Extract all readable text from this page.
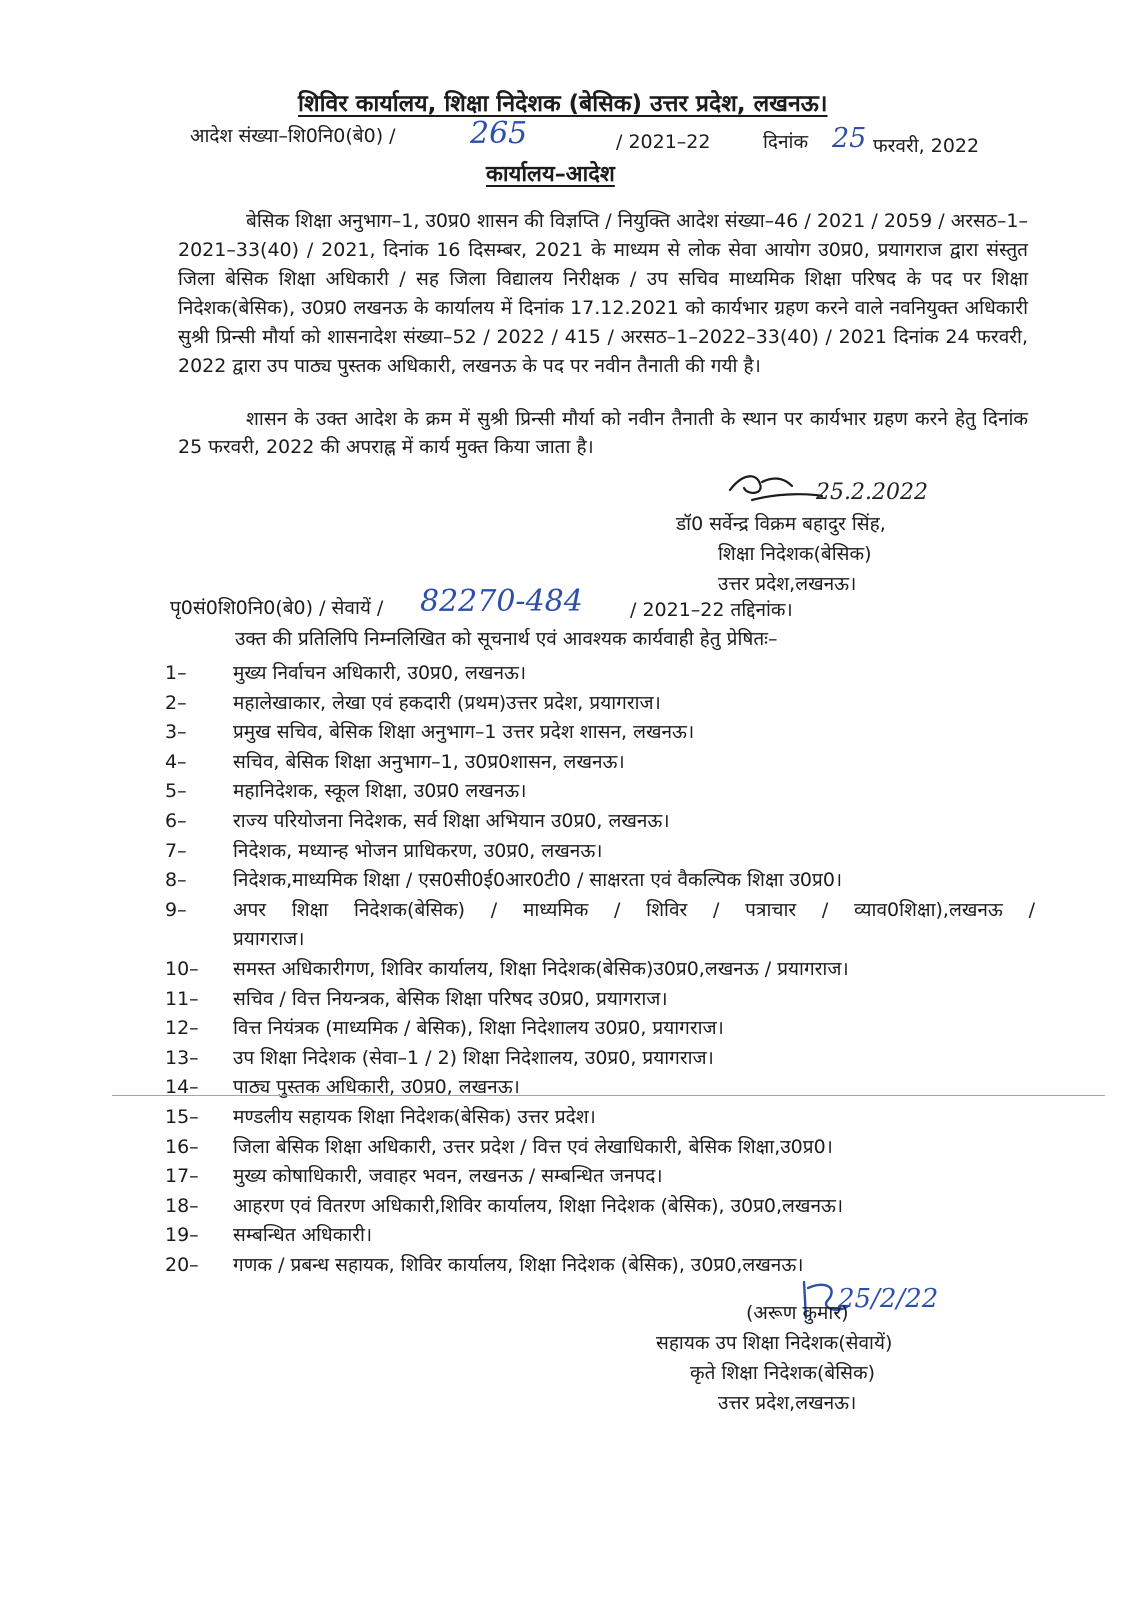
शिविर कार्यालय, शिक्षा निदेशक (बेसिक) उत्तर प्रदेश, लखनऊ।
आदेश संख्या–शि0नि0(बे0) / 265	/ 2021–22	दिनांक 25 फरवरी, 2022
कार्यालय–आदेश
बेसिक शिक्षा अनुभाग–1, उ0प्र0 शासन की विज्ञप्ति / नियुक्ति आदेश संख्या–46 / 2021 / 2059 / अरसठ–1–2021–33(40) / 2021, दिनांक 16 दिसम्बर, 2021 के माध्यम से लोक सेवा आयोग उ0प्र0, प्रयागराज द्वारा संस्तुत जिला बेसिक शिक्षा अधिकारी / सह जिला विद्यालय निरीक्षक / उप सचिव माध्यमिक शिक्षा परिषद के पद पर शिक्षा निदेशक(बेसिक), उ0प्र0 लखनऊ के कार्यालय में दिनांक 17.12.2021 को कार्यभार ग्रहण करने वाले नवनियुक्त अधिकारी सुश्री प्रिन्सी मौर्या को शासनादेश संख्या–52 / 2022 / 415 / अरसठ–1–2022–33(40) / 2021 दिनांक 24 फरवरी, 2022 द्वारा उप पाठ्य पुस्तक अधिकारी, लखनऊ के पद पर नवीन तैनाती की गयी है।
शासन के उक्त आदेश के क्रम में सुश्री प्रिन्सी मौर्या को नवीन तैनाती के स्थान पर कार्यभार ग्रहण करने हेतु दिनांक 25 फरवरी, 2022 की अपराह्न में कार्य मुक्त किया जाता है।
25.2.2022
डॉ0 सर्वेन्द्र विक्रम बहादुर सिंह,
शिक्षा निदेशक(बेसिक)
उत्तर प्रदेश,लखनऊ।
पृ0सं0शि0नि0(बे0) / सेवायें / 82270-484 / 2021–22 तद्दिनांक।
उक्त की प्रतिलिपि निम्नलिखित को सूचनार्थ एवं आवश्यक कार्यवाही हेतु प्रेषितः–
1–	मुख्य निर्वाचन अधिकारी, उ0प्र0, लखनऊ।
2–	महालेखाकार, लेखा एवं हकदारी (प्रथम)उत्तर प्रदेश, प्रयागराज।
3–	प्रमुख सचिव, बेसिक शिक्षा अनुभाग–1 उत्तर प्रदेश शासन, लखनऊ।
4–	सचिव, बेसिक शिक्षा अनुभाग–1, उ0प्र0शासन, लखनऊ।
5–	महानिदेशक, स्कूल शिक्षा, उ0प्र0 लखनऊ।
6–	राज्य परियोजना निदेशक, सर्व शिक्षा अभियान उ0प्र0, लखनऊ।
7–	निदेशक, मध्यान्ह भोजन प्राधिकरण, उ0प्र0, लखनऊ।
8–	निदेशक,माध्यमिक शिक्षा / एस0सी0ई0आर0टी0 / साक्षरता एवं वैकल्पिक शिक्षा उ0प्र0।
9–	अपर शिक्षा निदेशक(बेसिक) / माध्यमिक / शिविर / पत्राचार / व्याव0शिक्षा),लखनऊ /
प्रयागराज।
10–	समस्त अधिकारीगण, शिविर कार्यालय, शिक्षा निदेशक(बेसिक)उ0प्र0,लखनऊ / प्रयागराज।
11–	सचिव / वित्त नियन्त्रक, बेसिक शिक्षा परिषद उ0प्र0, प्रयागराज।
12–	वित्त नियंत्रक (माध्यमिक / बेसिक), शिक्षा निदेशालय उ0प्र0, प्रयागराज।
13–	उप शिक्षा निदेशक (सेवा–1 / 2) शिक्षा निदेशालय, उ0प्र0, प्रयागराज।
14–	पाठ्य पुस्तक अधिकारी, उ0प्र0, लखनऊ।
15–	मण्डलीय सहायक शिक्षा निदेशक(बेसिक) उत्तर प्रदेश।
16–	जिला बेसिक शिक्षा अधिकारी, उत्तर प्रदेश / वित्त एवं लेखाधिकारी, बेसिक शिक्षा,उ0प्र0।
17–	मुख्य कोषाधिकारी, जवाहर भवन, लखनऊ / सम्बन्धित जनपद।
18–	आहरण एवं वितरण अधिकारी,शिविर कार्यालय, शिक्षा निदेशक (बेसिक), उ0प्र0,लखनऊ।
19–	सम्बन्धित अधिकारी।
20–	गणक / प्रबन्ध सहायक, शिविर कार्यालय, शिक्षा निदेशक (बेसिक), उ0प्र0,लखनऊ।
25/2/22
(अरूण कुमार)
सहायक उप शिक्षा निदेशक(सेवायें)
कृते शिक्षा निदेशक(बेसिक)
उत्तर प्रदेश,लखनऊ।
